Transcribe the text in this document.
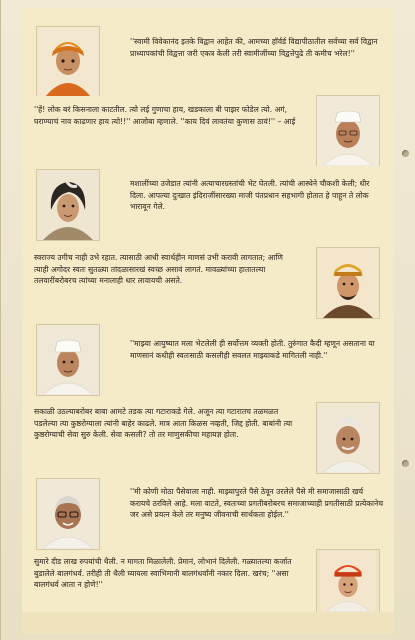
''स्वामी विवेकानंद इतके विद्वान आहेत की, आमच्या हॉर्वर्ड विद्यापीठातील सर्वच्या सर्व विद्वान प्राध्यापकांची विद्वत्ता जरी एकत्र केली तरी स्वामीजींच्या विद्वत्तेपुढे ती कमीच भरेल!''
''हें! लोक बरं किसनाला काटतील. त्यो लई गुणाचा हाय, खडकाला बी पाझर फोडेल त्यो. अगं, घराण्याचं नाव काढणार हाय त्यो!!'' आजोबा म्हणाले. ''काय दिवं लावतंया कुणास ठावं!'' – आई
मशालींच्या उजेडात त्यांनी अत्याचारग्रस्तांची भेट घेतली. त्यांची आस्थेने चौकशी केली; धीर दिला. आपल्या दुःखात इंदिराजींसारख्या माजी पंतप्रधान सहभागी होतात हे पाहून ते लोक भारावून गेले.
स्वराज्य उगीच नाही उभे रहात. त्यासाठी आधी स्वार्थहीन माणसं उभी करावी लागतात; आणि त्याही अगोदर स्वतः सुतळ्या तांदळासारखं स्वच्छ असावं लागतं. मावळ्यांच्या हातातल्या तलवारींबरोबरच त्यांच्या मनालाही धार लावायची असते.
''माझ्या आयुष्यात मला भेटलेली ही सर्वोत्तम व्यक्ती होती. तुरुंगात कैदी म्हणून असताना या माणसानं कधीही स्वतःसाठी कसलीही सवलत माझ्याकडे मागितली नाही.''
सकाळी उठल्याबरोबर बाबा आमटे तडक त्या गटाराकडे गेले. अजून त्या गटारातच तळमळत पडलेल्या त्या कुष्ठरोग्याला त्यांनी बाहेर काढले. मात्र आता किळस नव्हती, जिद्द होती. बाबांनी त्या कुष्ठरोग्याची सेवा सुरु केली. सेवा कसली? तो तर माणुसकीचा महायज्ञ होता.
''मी कोणी मोठा पैसेवाला नाही. माझ्यापुरते पैसे ठेवून उरलेले पैसे मी समाजासाठी खर्च करायचे ठरविले आहे. मला वाटते, स्वतःच्या प्रगतीबरोबरच समाजाच्याही प्रगतीसाठी प्रत्येकानेच जर असे प्रयत्न केले तर मनुष्य जीवनाची सार्थकता होईल.''
सुमारे दीड लाख रुपयांची थैली. न मागता मिळालेली. प्रेमानं, लोभानं दिलेली. गळ्यातल्या कर्जात बुडालेले बालगंधर्व. तरीही ती थैली घ्यायला स्वाभिमानी बालगंधर्वांनी नकार दिला. खरंच; ''असा बालगंधर्व आता न होणे!''
